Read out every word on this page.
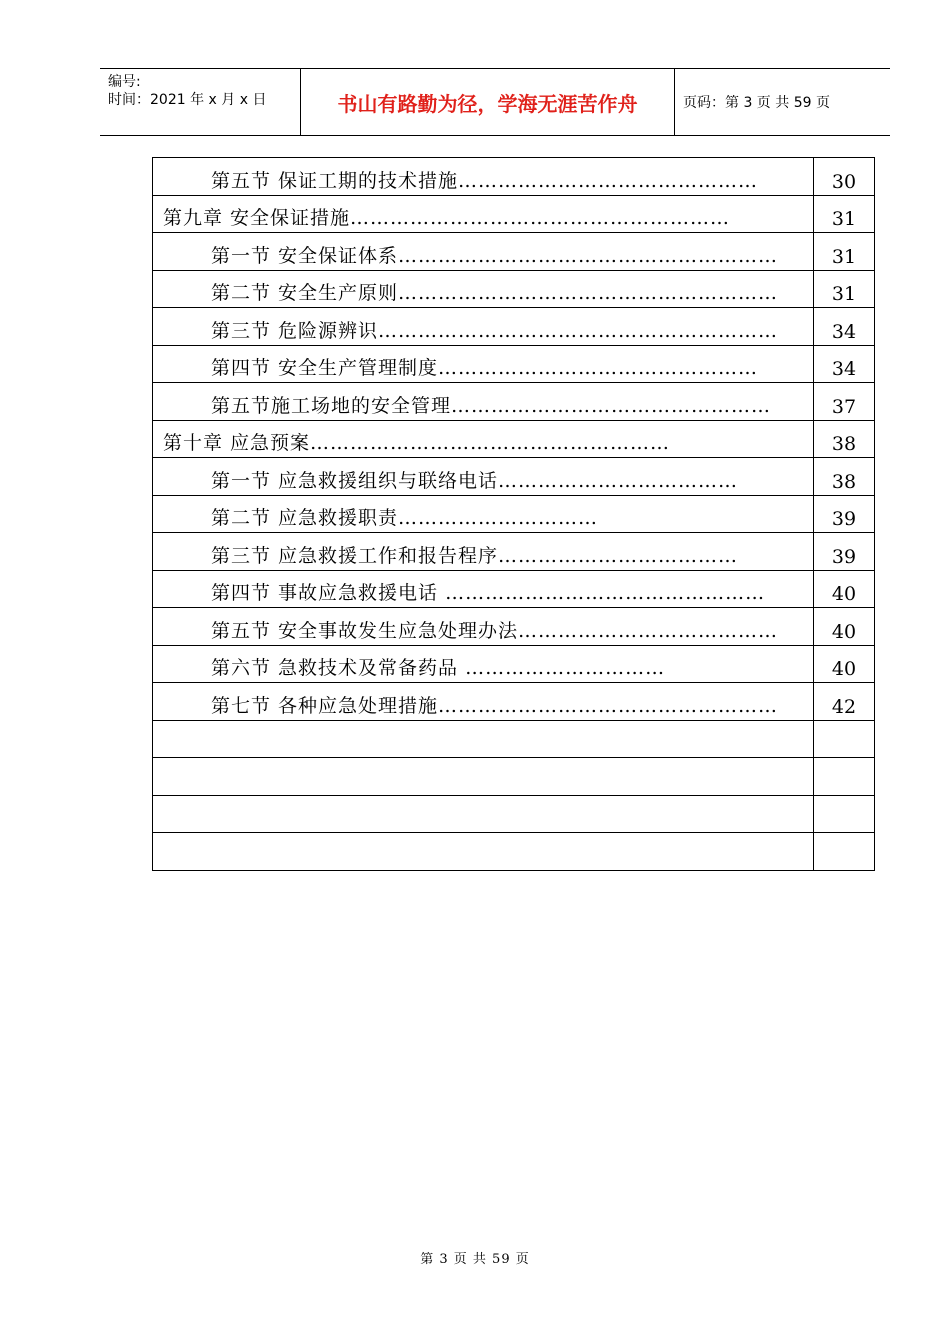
编号:
时间：2021 年 x 月 x 日	书山有路勤为径，学海无涯苦作舟	页码：第 3 页 共 59 页
第五节 保证工期的技术措施………………………………………	30
第九章 安全保证措施…………………………………………………	31
第一节 安全保证体系…………………………………………………	31
第二节 安全生产原则…………………………………………………	31
第三节 危险源辨识……………………………………………………	34
第四节 安全生产管理制度…………………………………………	34
第五节施工场地的安全管理…………………………………………	37
第十章 应急预案………………………………………………	38
第一节 应急救援组织与联络电话………………………………	38
第二节 应急救援职责…………………………	39
第三节 应急救援工作和报告程序………………………………	39
第四节 事故应急救援电话 …………………………………………	40
第五节 安全事故发生应急处理办法…………………………………	40
第六节 急救技术及常备药品 …………………………	40
第七节 各种应急处理措施……………………………………………	42

第 3 页 共 59 页
